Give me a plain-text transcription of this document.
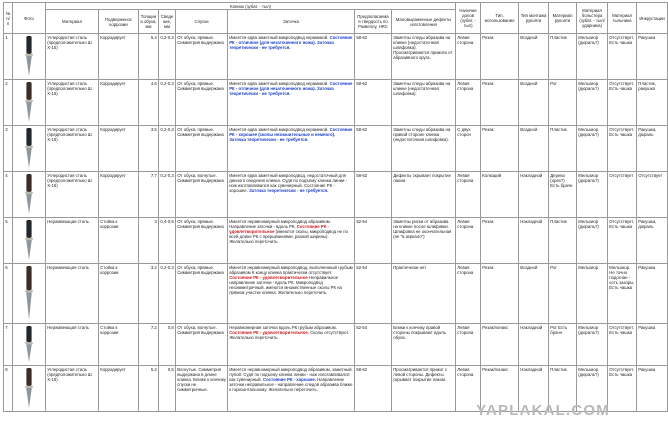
№ п/п	Фото	Клинок (зубат. - тыл)								Наличие долов (зубат. - тыл)	Тип, использование	Тип монтажа рукояти	Материал рукояти	Материал больстера (зубат. - тыл/ударника)	Материал тыльника	Инкрустации
		Материал	Подверженос коррозии	Толщина обуха, мм	Сведение, мм	Спуски	Заточка	Предполагаемая твердость по Роквеллу, HRC	Маловыраженные дефекты изготовления							
1		Углеродистая сталь (предположительно Ш Х-15)	Корродирует	5.4	0,2-0,3	От обуха, прямые. Симметрия выдержана	Имеется едва заметный микроподвод керамикой. Состояние РК - отличное (для незаточенного ножа). Заточка теоретически - не требуется.	58-62	Заметны следы абразива на клинке (недостаточная шлифовка). Просматриваются прижоги от абразивного круга.	Левая сторона	Резак	Всадной	Пластик	Мельхиор (дюраль?)	Отсутствует. Есть чашка	Ракушка
2		Углеродистая сталь (предположительно Ш Х-15)	Корродирует	4.6	0,2-0,3	От обуха, прямые. Симметрия выдержана	Имеется едва заметный микроподвод керамикой. Состояние РК - отличное (для незаточенного ножа). Заточка теоретически - не требуется.	58-62	Заметны следы абразива на клинке (недостаточная шлифовка).	Левая сторона	Резак	Всадной	Рог	Мельхиор (дюраль?)	Отсутствует. Есть чашка	Пластик, ракушка
3		Углеродистая сталь (предположительно Ш Х-15)	Корродирует	3.5	0,2-0,3	От обуха, прямые. Симметрия выдержана	Имеется едва заметный микроподвод керамикой. Состояние РК - хорошее (сколы незначительные и немного). Заточка теоретически - не требуется.	58-62	Заметны следы абразива на правой стороне клинка (недостаточная шлифовка).	С двух сторон	Резак	Всадной	Пластик	Мельхиор (дюраль?)	Отсутствует. Есть чашка	Ракушка, дюраль
4		Углеродистая сталь (предположительно Ш Х-15)	Корродирует	7.7	0,2-0,3	От обуха, вогнутые. Симметрия выдержана	Имеется едва заметный микроподвод, недостаточный для данного сведения клинка. Судя по подъему клинка линии - нож изготавливался как сувенирный. Состояние РК - хорошее. Заточка теоретически - не требуется.	58-62	Дефекты скрывает покрытие лаком	Левая сторона	Колющий	Накладной	Дерево (орех?) Есть брачн	Мельхиор (дюраль?)	Отсутствует	Отсутствует
5		Нержавеющая сталь	Стойка к коррозии	3	0,4-0,5	От обуха, прямые. Симметрия выдержана	Имеется неравномерный микроподвод абразивом. Направление заточки - вдоль РК. Состояние РК - удовлетворительное (имеются сколы, микроподвод не по всей длине РК с прерываниями, разной ширины). Желательно переточить.	52-54	Заметны риски от абразива на клинке после шлифовки. Шлифовка не окончательная (не "в зеркало")	Левая сторона	Резак	Накладной	Пластик	Мельхиор (дюраль?)	Отсутствует. Есть чашка	Ракушка, дюраль
6		Нержавеющая сталь	Стойка к коррозии	3.2	0,2-0,3	От обуха, прямые. Симметрия выдержана	Имеется неравномерный микроподвод, выполненный грубым абразивом К концу клинка практически отсутствует. Состояние РК - удовлетворительное Неправильное направление заточки - вдоль РК. Микроподвод несимметричный, имеются множественные сколы РК на прямом участке клинка. Желательно переточить.	52-54	Практически нет	Левая сторона	Резак	Всадной	Рог	Мельхиор	Мельхиор. Не точно подогнан - есть зазоры. Есть чашка	Ракушка
7		Нержавеющая сталь	Стойка к коррозии	7.2	0,8	От обуха, вогнутые. Симметрия выдержана	Неравномерная заточка вдоль РК грубым абразивом. Состояние РК - удовлетворительное. Сколы отсутствуют. Желательно переточить.	52-54	Блики к кончику правой стороны покрывают вдоль обуха.	Левая сторона	Резак/понакс	Накладной	Рог Есть брачн	Мельхиор (дюраль?)	Отсутствует. Есть чашка	Ракушка
8		Углеродистая сталь (предположительно Ш Х-15)	Корродирует	5.2	0,5	Вогнутые. Симметрия выдержана в длине клинка. Ближе к кончику спуски не симметричные.	Имеется неравномерный микроподвод абразивом, заметный лупой. Судя по подъему клинка линии - нож изготавливался как сувенирный. Состояние РК - хорошее. Направление заточки неправильное - направление следов абразива ближе к горизонтальному. Желательно переточить.	58-62	Просматривается прижог с левой стороны. Дефекты скрывает покрытие лаком.	Левая сторона	Резак/понакс	Накладной	Пластик	Мельхиор (дюраль?)	Отсутствует. Есть чашка	Ракушка
YAPLAKAL.COM
